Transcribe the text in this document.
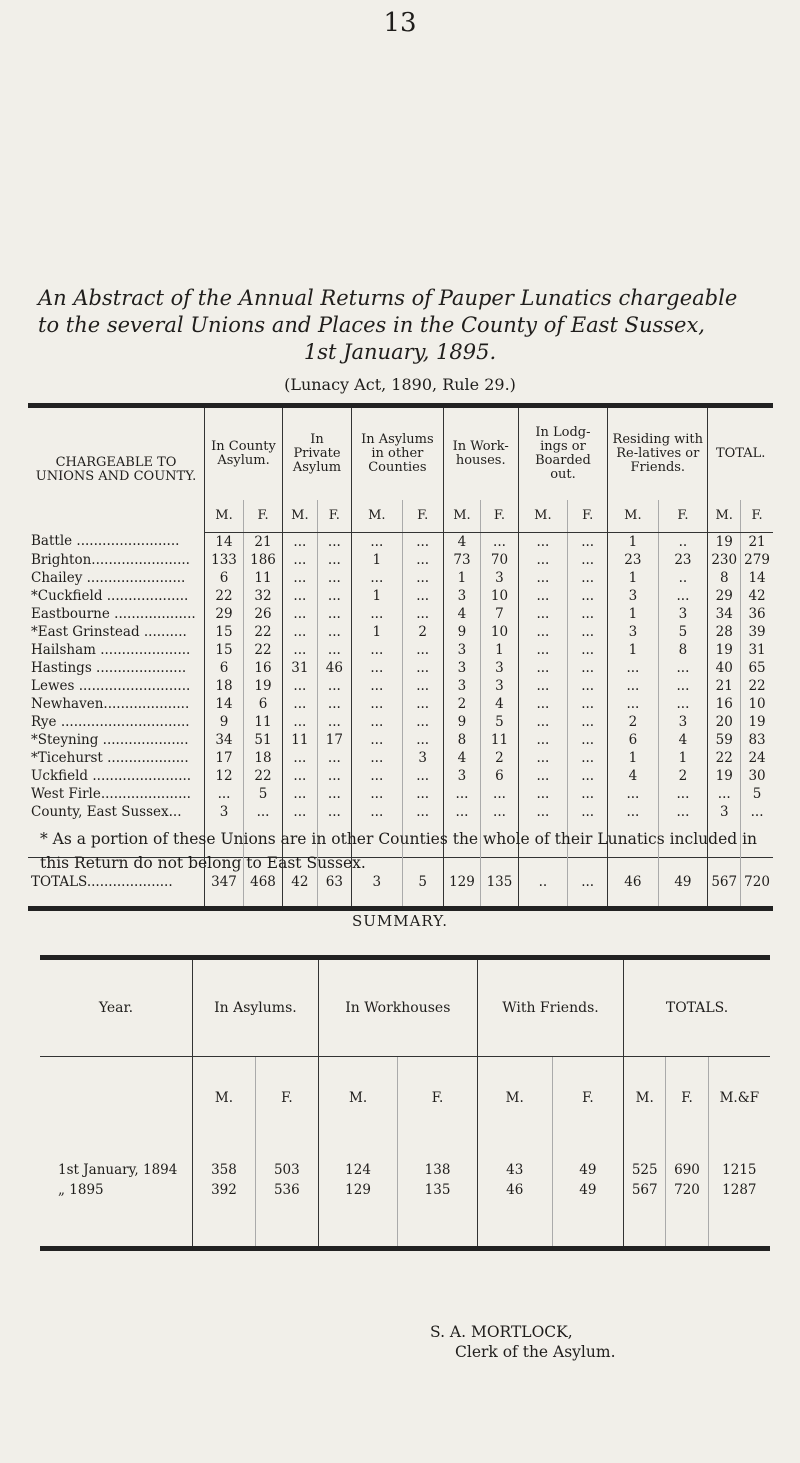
13
An Abstract of the Annual Returns of Pauper Lunatics chargeable
to the several Unions and Places in the County of East Sussex,
(Lunacy Act, 1890, Rule 29.)
CHARGEABLE TO UNIONS AND COUNTY.	In County Asylum.		In Private Asylum		In Asylums in other Counties		In Work-houses.		In Lodg-ings or Boarded out.		Residing with Re-latives or Friends.		TOTAL.	
	M.	F.	M.	F.	M.	F.	M.	F.	M.	F.	M.	F.	M.	F.
Battle ........................	14	21	...	...	...	...	4	...	...	...	1	..	19	21
Brighton.......................	133	186	...	...	1	...	73	70	...	...	23	23	230	279
Chailey .......................	6	11	...	...	...	...	1	3	...	...	1	..	8	14
*Cuckfield ...................	22	32	...	...	1	...	3	10	...	...	3	...	29	42
Eastbourne ...................	29	26	...	...	...	...	4	7	...	...	1	3	34	36
*East Grinstead ..........	15	22	...	...	1	2	9	10	...	...	3	5	28	39
Hailsham .....................	15	22	...	...	...	...	3	1	...	...	1	8	19	31
Hastings .....................	6	16	31	46	...	...	3	3	...	...	...	...	40	65
Lewes ..........................	18	19	...	...	...	...	3	3	...	...	...	...	21	22
Newhaven....................	14	6	...	...	...	...	2	4	...	...	...	...	16	10
Rye ..............................	9	11	...	...	...	...	9	5	...	...	2	3	20	19
*Steyning ....................	34	51	11	17	...	...	8	11	...	...	6	4	59	83
*Ticehurst ...................	17	18	...	...	...	3	4	2	...	...	1	1	22	24
Uckfield .......................	12	22	...	...	...	...	3	6	...	...	4	2	19	30
West Firle.....................	...	5	...	...	...	...	...	...	...	...	...	...	...	5
County, East Sussex...	3	...	...	...	...	...	...	...	...	...	...	...	3	...

TOTALS....................	347	468	42	63	3	5	129	135	..	...	46	49	567	720
* As a portion of these Unions are in other Counties the whole of their Lunatics included in this Return do not belong to East Sussex.
SUMMARY.
Year.	In Asylums.		In Workhouses		With Friends.		TOTALS.		
	M.	F.	M.	F.	M.	F.	M.	F.	M.&F
1st January, 1894	358	503	124	138	43	49	525	690	1215
„ 1895	392	536	129	135	46	49	567	720	1287

S. A. MORTLOCK,
Clerk of the Asylum.
1st January, 1895.
